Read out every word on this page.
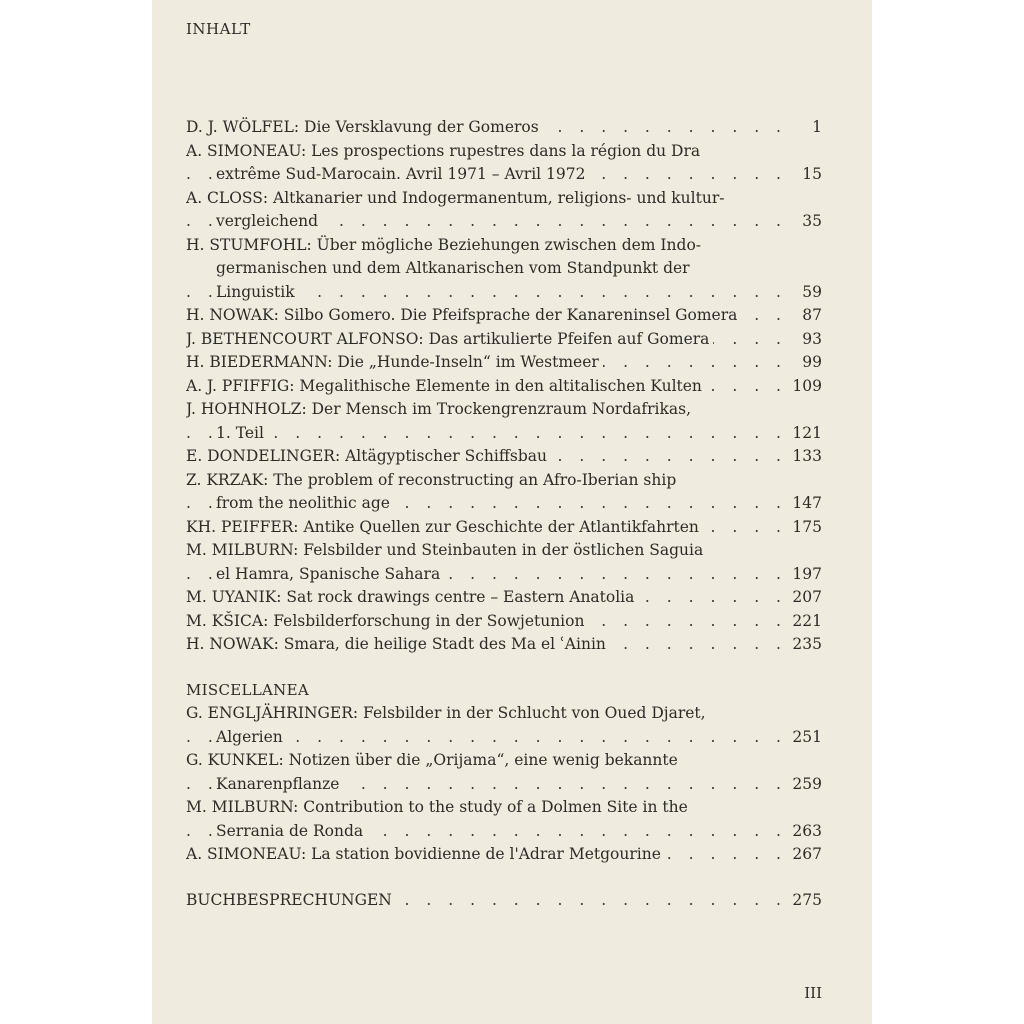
INHALT
. . .
D. J. WÖLFEL: Die Versklavung der Gomeros	1
A. SIMONEAU: Les prospections rupestres dans la région du Dra
. . .
extrême Sud-Marocain. Avril 1971 – Avril 1972	15
A. CLOSS: Altkanarier und Indogermanentum, religions- und kultur-
. . .
vergleichend	35
H. STUMFOHL: Über mögliche Beziehungen zwischen dem Indo-
germanischen und dem Altkanarischen vom Standpunkt der
. . .
Linguistik	59
. . .
H. NOWAK: Silbo Gomero. Die Pfeifsprache der Kanareninsel Gomera	87
. . .
J. BETHENCOURT ALFONSO: Das artikulierte Pfeifen auf Gomera	93
. . .
H. BIEDERMANN: Die „Hunde-Inseln“ im Westmeer	99
. . .
A. J. PFIFFIG: Megalithische Elemente in den altitalischen Kulten	109
J. HOHNHOLZ: Der Mensch im Trockengrenzraum Nordafrikas,
. . .
1. Teil	121
. . .
E. DONDELINGER: Altägyptischer Schiffsbau	133
Z. KRZAK: The problem of reconstructing an Afro-Iberian ship
. . .
from the neolithic age	147
. . .
KH. PEIFFER: Antike Quellen zur Geschichte der Atlantikfahrten	175
M. MILBURN: Felsbilder und Steinbauten in der östlichen Saguia
. . .
el Hamra, Spanische Sahara	197
. . .
M. UYANIK: Sat rock drawings centre – Eastern Anatolia	207
. . .
M. KŠICA: Felsbilderforschung in der Sowjetunion	221
. . .
H. NOWAK: Smara, die heilige Stadt des Ma el ʿAinin	235
MISCELLANEA
G. ENGLJÄHRINGER: Felsbilder in der Schlucht von Oued Djaret,
. . .
Algerien	251
G. KUNKEL: Notizen über die „Orijama“, eine wenig bekannte
. . .
Kanarenpflanze	259
M. MILBURN: Contribution to the study of a Dolmen Site in the
. . .
Serrania de Ronda	263
. . .
A. SIMONEAU: La station bovidienne de l'Adrar Metgourine	267
. . .
BUCHBESPRECHUNGEN	275
III
